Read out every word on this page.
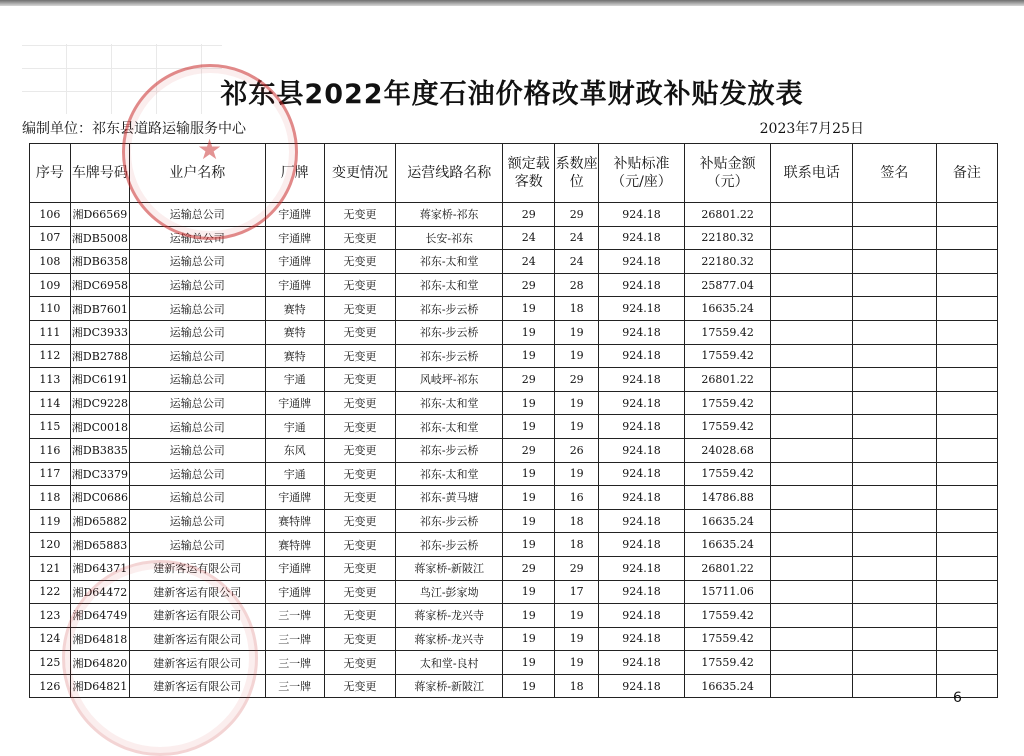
祁东县2022年度石油价格改革财政补贴发放表
编制单位：祁东县道路运输服务中心	2023年7月25日
序号	车牌号码	业户名称	厂牌	变更情况	运营线路名称	额定载客数	系数座位	补贴标准（元/座）	补贴金额（元）	联系电话	签名	备注
106	湘D66569	运输总公司	宇通牌	无变更	蒋家桥-祁东	29	29	924.18	26801.22			
107	湘DB5008	运输总公司	宇通牌	无变更	长安-祁东	24	24	924.18	22180.32			
108	湘DB6358	运输总公司	宇通牌	无变更	祁东-太和堂	24	24	924.18	22180.32			
109	湘DC6958	运输总公司	宇通牌	无变更	祁东-太和堂	29	28	924.18	25877.04			
110	湘DB7601	运输总公司	赛特	无变更	祁东-步云桥	19	18	924.18	16635.24			
111	湘DC3933	运输总公司	赛特	无变更	祁东-步云桥	19	19	924.18	17559.42			
112	湘DB2788	运输总公司	赛特	无变更	祁东-步云桥	19	19	924.18	17559.42			
113	湘DC6191	运输总公司	宇通	无变更	风岐坪-祁东	29	29	924.18	26801.22			
114	湘DC9228	运输总公司	宇通牌	无变更	祁东-太和堂	19	19	924.18	17559.42			
115	湘DC0018	运输总公司	宇通	无变更	祁东-太和堂	19	19	924.18	17559.42			
116	湘DB3835	运输总公司	东风	无变更	祁东-步云桥	29	26	924.18	24028.68			
117	湘DC3379	运输总公司	宇通	无变更	祁东-太和堂	19	19	924.18	17559.42			
118	湘DC0686	运输总公司	宇通牌	无变更	祁东-黄马塘	19	16	924.18	14786.88			
119	湘D65882	运输总公司	赛特牌	无变更	祁东-步云桥	19	18	924.18	16635.24			
120	湘D65883	运输总公司	赛特牌	无变更	祁东-步云桥	19	18	924.18	16635.24			
121	湘D64371	建新客运有限公司	宇通牌	无变更	蒋家桥-新陂江	29	29	924.18	26801.22			
122	湘D64472	建新客运有限公司	宇通牌	无变更	鸟江-彭家坳	19	17	924.18	15711.06			
123	湘D64749	建新客运有限公司	三一牌	无变更	蒋家桥-龙兴寺	19	19	924.18	17559.42			
124	湘D64818	建新客运有限公司	三一牌	无变更	蒋家桥-龙兴寺	19	19	924.18	17559.42			
125	湘D64820	建新客运有限公司	三一牌	无变更	太和堂-良村	19	19	924.18	17559.42			
126	湘D64821	建新客运有限公司	三一牌	无变更	蒋家桥-新陂江	19	18	924.18	16635.24			
★
6
